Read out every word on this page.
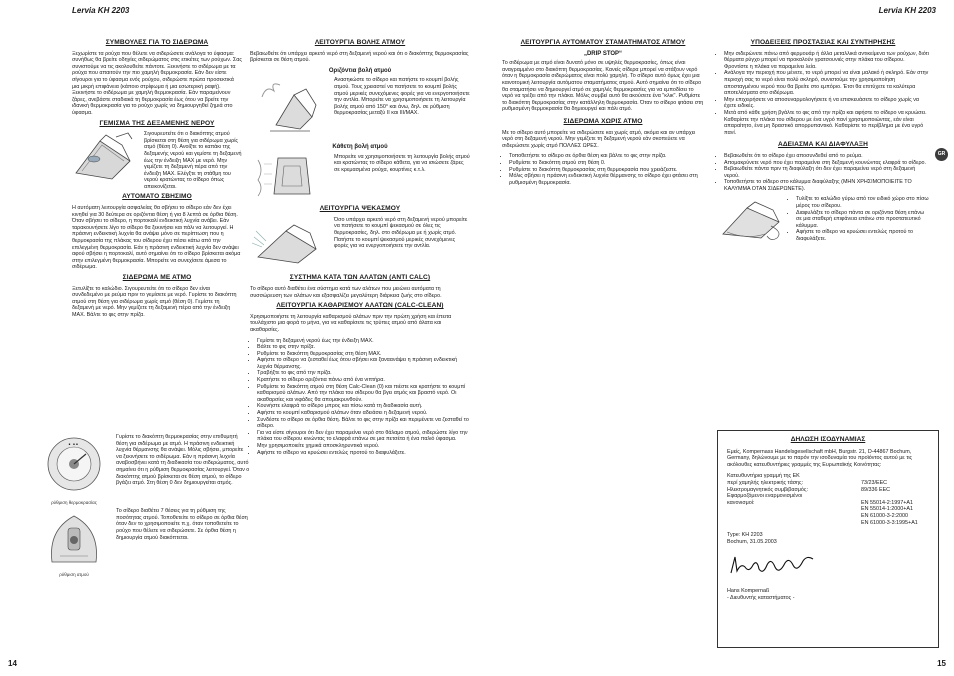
Lervia KH 2203	Lervia KH 2203
ΣΥΜΒΟΥΛΕΣ ΓΙΑ ΤΟ ΣΙΔΕΡΩΜΑ

Ξεχωρίστε τα ρούχα που θέλετε να σιδερώσετε ανάλογα το ύφασμα: συνήθως θα βρείτε οδηγίες σιδερώματος στις ετικέτες των ρούχων. Σας συνιστούμε να τις ακολουθείτε πάντοτε. Ξεκινήστε το σιδέρωμα με τα ρούχα που απαιτούν την πιο χαμηλή θερμοκρασία. Εάν δεν είστε σίγουροι για το ύφασμα ενός ρούχου, σιδερώστε πρώτα προσεκτικά μια μικρή επιφάνεια (κάποιο στρίφωμα ή μια εσωτερική ραφή). Ξεκινήστε το σιδέρωμα με χαμηλή θερμοκρασία. Εάν παραμείνουν ζάρες, ανεβάστε σταδιακά τη θερμοκρασία έως ότου να βρείτε την ιδανική θερμοκρασία για το ρούχο χωρίς να δημιουργηθεί ζημιά στο ύφασμα.

ΓΕΜΙΣΜΑ ΤΗΣ ΔΕΞΑΜΕΝΗΣ ΝΕΡΟΥ

Σιγουρευτείτε ότι ο διακόπτης ατμού βρίσκεται στη θέση για σιδέρωμα χωρίς ατμό (θέση 0). Ανοίξτε το καπάκι της δεξαμενής νερού και γεμίστε τη δεξαμενή έως την ένδειξη MAX με νερό. Μην γεμίζετε τη δεξαμενή πέρα από την ένδειξη MAX. Ελέγξτε τη στάθμη του νερού κρατώντας το σίδερο όπως απεικονίζεται.

ΑΥΤΟΜΑΤΟ ΣΒΗΣΙΜΟ

Η αυτόματη λειτουργία ασφαλείας θα σβήσει το σίδερο εάν δεν έχει κινηθεί για 30 δεύτερα σε οριζόντια θέση ή για 8 λεπτά σε όρθια θέση. Όταν σβήσει το σίδερο, η πορτοκαλί ενδεικτική λυχνία ανάβει. Εάν ταρακουνήσετε λίγο το σίδερο θα ξεκινήσει και πάλι να λειτουργεί. Η πράσινη ενδεικτική λυχνία θα ανάψει μόνο σε περίπτωση που η θερμοκρασία της πλάκας του σίδερου έχει πέσει κάτω από την επιλεγμένη θερμοκρασία. Εάν η πράσινη ενδεικτική λυχνία δεν ανάψει αφού σβήσει η πορτοκαλί, αυτό σημαίνει ότι το σίδερο βρίσκεται ακόμα στην επιλεγμένη θερμοκρασία. Μπορείτε να συνεχίσετε άμεσα το σιδέρωμα.

ΣΙΔΕΡΩΜΑ ΜΕ ΑΤΜΟ

Ξετυλίξτε το καλώδιο. Σιγουρευτείτε ότι το σίδερο δεν είναι συνδεδεμένο με ρεύμα πριν το γεμίσετε με νερό. Γυρίστε το διακόπτη ατμού στη θέση για σιδέρωμα χωρίς ατμό (θέση 0). Γεμίστε τη δεξαμενή με νερό. Μην γεμίζετε τη δεξαμενή πέρα από την ένδειξη MAX. Βάλτε το φις στην πρίζα.

• ••
ρύθμιση θερμοκρασίας

Γυρίστε το διακόπτη θερμοκρασίας στην επιθυμητή θέση για σιδέρωμα με ατμό. Η πράσινη ενδεικτική λυχνία θέρμανσης θα ανάψει. Μόλις σβήσει, μπορείτε να ξεκινήσετε το σιδέρωμα. Εάν η πράσινη λυχνία αναβοσβήνει κατά τη διαδικασία του σιδερώματος, αυτό σημαίνει ότι η ρύθμιση θερμοκρασίας λειτουργεί. Όταν ο διακόπτης ατμού βρίσκεται σε θέση ατμού, το σίδερο βγάζει ατμό. Στη θέση 0 δεν δημιουργείται ατμός.

ρύθμιση ατμού

Το σίδερο διαθέτει 7 θέσεις για τη ρύθμιση της ποσότητας ατμού. Τοποθετείτε το σίδερο σε όρθια θέση όταν δεν το χρησιμοποιείτε π.χ. όταν τοποθετείτε το ρούχο που θέλετε να σιδερώσετε. Σε όρθια θέση η δημιουργία ατμού διακόπτεται.

ΛΕΙΤΟΥΡΓΙΑ ΒΟΛΗΣ ΑΤΜΟΥ

Βεβαιωθείτε ότι υπάρχει αρκετό νερό στη δεξαμενή νερού και ότι ο διακόπτης θερμοκρασίας βρίσκεται σε θέση ατμού.

Οριζόντια βολή ατμού

Ανασηκώστε το σίδερο και πατήστε το κουμπί βολής ατμού. Τους χρειαστεί να πατήσετε το κουμπί βολής ατμού μερικές συνεχόμενες φορές για να ενεργοποιήσετε την αντλία. Μπορείτε να χρησιμοποιήσετε τη λειτουργία βολής ατμού από 150° και άνω, δηλ. σε ρύθμιση θερμοκρασίας μεταξύ II και III/MAX.

Κάθετη βολή ατμού

Μπορείτε να χρησιμοποιήσετε τη λειτουργία βολής ατμού και κρατώντας το σίδερο κάθετα, για να ισιώσετε ζάρες σε κρεμασμένα ρούχα, κουρτίνες κ.τ.λ.

ΛΕΙΤΟΥΡΓΙΑ ΨΕΚΑΣΜΟΥ

Όσο υπάρχει αρκετό νερό στη δεξαμενή νερού μπορείτε να πατήσετε το κουμπί ψεκασμού σε όλες τις θερμοκρασίες, δηλ. στο σιδέρωμα με ή χωρίς ατμό. Πατήστε το κουμπί ψεκασμού μερικές συνεχόμενες φορές για να ενεργοποιήσετε την αντλία.

ΣΥΣΤΗΜΑ ΚΑΤΑ ΤΩΝ ΑΛΑΤΩΝ (ANTI CALC)

Το σίδερο αυτό διαθέτει ένα σύστημα κατά των αλάτων που μειώνει αυτόματα τη συσσώρευση των αλάτων και εξασφαλίζει μεγαλύτερη διάρκεια ζωής στο σίδερο.

ΛΕΙΤΟΥΡΓΙΑ ΚΑΘΑΡΙΣΜΟΥ ΑΛΑΤΩΝ (CALC-CLEAN)

Χρησιμοποιήστε τη λειτουργία καθαρισμού αλάτων πριν την πρώτη χρήση και έπειτα τουλάχιστο μια φορά το μήνα, για να καθαρίσετε τις τρύπες ατμού από άλατα και ακαθαρσίες.

• Γεμίστε τη δεξαμενή νερού έως την ένδειξη MAX.
• Βάλτε το φις στην πρίζα.
• Ρυθμίστε το διακόπτη θερμοκρασίας στη θέση MAX.
• Αφήστε το σίδερο να ζεσταθεί έως ότου σβήσει και ξαναανάψει η πράσινη ενδεικτική λυχνία θέρμανσης.
• Τραβήξτε το φις από την πρίζα.
• Κρατήστε το σίδερο οριζόντια πάνω από ένα νιπτήρα.
• Ρυθμίστε το διακόπτη ατμού στη θέση Calc-Clean (0) και πιέστε και κρατήστε το κουμπί καθαρισμού αλάτων. Από την πλάκα του σίδερου θα βγει ατμός και βραστό νερό. Οι ακαθαρσίες και νιφάδες θα απομακρυνθούν.
• Κουνήστε ελαφρά το σίδερο μπρος και πίσω κατά τη διαδικασία αυτή.
• Αφήστε το κουμπί καθαρισμού αλάτων όταν αδειάσει η δεξαμενή νερού.
• Συνδέστε το σίδερο σε όρθια θέση. Βάλτε το φις στην πρίζα και περιμένετε να ζεσταθεί το σίδερο.
• Για να είστε σίγουροι ότι δεν έχει παραμείνει νερό στο θάλαμο ατμού, σιδερώστε λίγο την πλάκα του σίδερου κινώντας το ελαφρά επάνω σε μια πετσέτα ή ένα παλιό ύφασμα.
• Μην χρησιμοποιείτε χημικά αποσκληρυντικά νερού.
• Αφήστε το σίδερο να κρυώσει εντελώς προτού το διαφυλάξετε.
ΛΕΙΤΟΥΡΓΙΑ ΑΥΤΟΜΑΤΟΥ ΣΤΑΜΑΤΗΜΑΤΟΣ ΑΤΜΟΥ
„DRIP STOP“

Το σιδέρωμα με ατμό είναι δυνατό μόνο σε υψηλές θερμοκρασίες, όπως είναι αναγραμμένο στο διακόπτη θερμοκρασίας. Κανείς σίδερα μπορεί να στάξουν νερό όταν η θερμοκρασία σιδερώματος είναι πολύ χαμηλή. Το σίδερο αυτό όμως έχει μια καινοτομική λειτουργία αυτόματου σταματήματος ατμού. Αυτό σημαίνει ότι το σίδερο θα σταματήσει να δημιουργεί ατμό σε χαμηλές θερμοκρασίες για να εμποδίσει το νερό να τρέξει από την πλάκα. Μόλις συμβεί αυτό θα ακούσετε ένα "κλικ". Ρυθμίστε το διακόπτη θερμοκρασίας στην κατάλληλη θερμοκρασία. Όταν το σίδερο φτάσει στη ρυθμισμένη θερμοκρασία θα δημιουργεί και πάλι ατμό.

ΣΙΔΕΡΩΜΑ ΧΩΡΙΣ ΑΤΜΟ

Με το σίδερο αυτό μπορείτε να σιδερώσετε και χωρίς ατμό, ακόμα και αν υπάρχει νερό στη δεξαμενή νερού. Μην γεμίζετε τη δεξαμενή νερού εάν σκοπεύετε να σιδερώσετε χωρίς ατμό ΠΟΛΛΕΣ ΩΡΕΣ.

• Τοποθετήστε το σίδερο σε όρθια θέση και βάλτε το φις στην πρίζα.
• Ρυθμίστε το διακόπτη ατμού στη θέση 0.
• Ρυθμίστε το διακόπτη θερμοκρασίας στη θερμοκρασία που χρειάζεστε.
• Μόλις σβήσει η πράσινη ενδεικτική λυχνία θέρμανσης το σίδερο έχει φτάσει στη ρυθμισμένη θερμοκρασία.
ΥΠΟΔΕΙΞΕΙΣ ΠΡΟΣΤΑΣΙΑΣ ΚΑΙ ΣΥΝΤΗΡΗΣΗΣ
• Μην σιδερώνετε πάνω από φερμουάρ ή άλλα μεταλλικά αντικείμενα των ρούχων, διότι θέρματα ρύγχο μπορεί να προκαλούν γρατσουνιές στην πλάκα του σίδερου. Φροντίστε η πλάκα να παραμείνει λεία.
• Ανάλογα την περιοχή που μένετε, το νερό μπορεί να είναι μαλακό ή σκληρό. Εάν στην περιοχή σας το νερό είναι πολύ σκληρό, συνιστούμε την χρησιμοποίηση αποσταγμένου νερού που θα βρείτε στο εμπόριο. Έτσι θα επιτύχετε τα καλύτερα αποτελέσματα στο σιδέρωμα.
• Μην επιχειρήσετε να αποσυναρμολογήσετε ή να επισκευάσετε το σίδερο χωρίς να έχετε ειδικές.
• Μετά από κάθε χρήση βγάλτε το φις από την πρίζα και αφήστε το σίδερο να κρυώσει. Καθαρίστε την πλάκα του σίδερου με ένα υγρό πανί χρησιμοποιώντας, εάν είναι απαραίτητο, ένα μη δραστικό απορρυπαντικό. Καθαρίστε το περίβλημα με ένα υγρό πανί.
ΑΔΕΙΑΣΜΑ ΚΑΙ ΔΙΑΦΥΛΑΞΗ
• Βεβαιωθείτε ότι το σίδερο έχει αποσυνδεθεί από το ρεύμα.
• Απομακρύνετε νερό που έχει παραμείνει στη δεξαμενή κουνώντας ελαφρά το σίδερο.
• Βεβαιωθείτε πάντα πριν τη διαφύλαξη ότι δεν έχει παραμείνει νερό στη δεξαμενή νερού.
• Τοποθετήστε το σίδερο στο κάλυμμα διαφύλαξης (ΜΗΝ ΧΡΗΣΙΜΟΠΟΙΕΙΤΕ ΤΟ ΚΑΛΥΜΜΑ ΟΤΑΝ ΣΙΔΕΡΩΝΕΤΕ).
• Τυλίξτε το καλώδιο γύρω από τον ειδικό χώρο στο πίσω μέρος του σίδερου.
• Διαφυλάξτε το σίδερο πάντα σε οριζόντια θέση επάνω σε μια σταθερή επιφάνεια επάνω στο προστατευτικό κάλυμμα.
• Αφήστε το σίδερο να κρυώσει εντελώς προτού το διαφυλάξετε.
GR
ΔΗΛΩΣΗ ΙΣΟΔΥΝΑΜΙΑΣ

Εμείς, Kompernass Handelsgesellschaft mbH, Burgstr. 21, D-44867 Bochum, Germany, δηλώνουμε με το παρόν την ισοδυναμία του προϊόντος αυτού με τις ακόλουθες κατευθυντήριες γραμμές της Ευρωπαϊκής Κοινότητας:

Κατευθυντήρια γραμμή της ΕΚ
περί χαμηλής ηλεκτρικής τάσης:	73/23/EEC
Ηλεκτρομαγνητικός συμβιβασμός:	89/336 EEC
Εφαρμοζόμενοι εναρμονισμένοι
κανονισμοί:	EN 55014-2:1997+A1
EN 55014-1:2000+A1
EN 61000-3-2:2000
EN 61000-3-3:1995+A1
Type: KH 2203
Bochum, 31.05.2003
Hans Kompernaß
- Διευθυντής καταστήματος -
14	15
